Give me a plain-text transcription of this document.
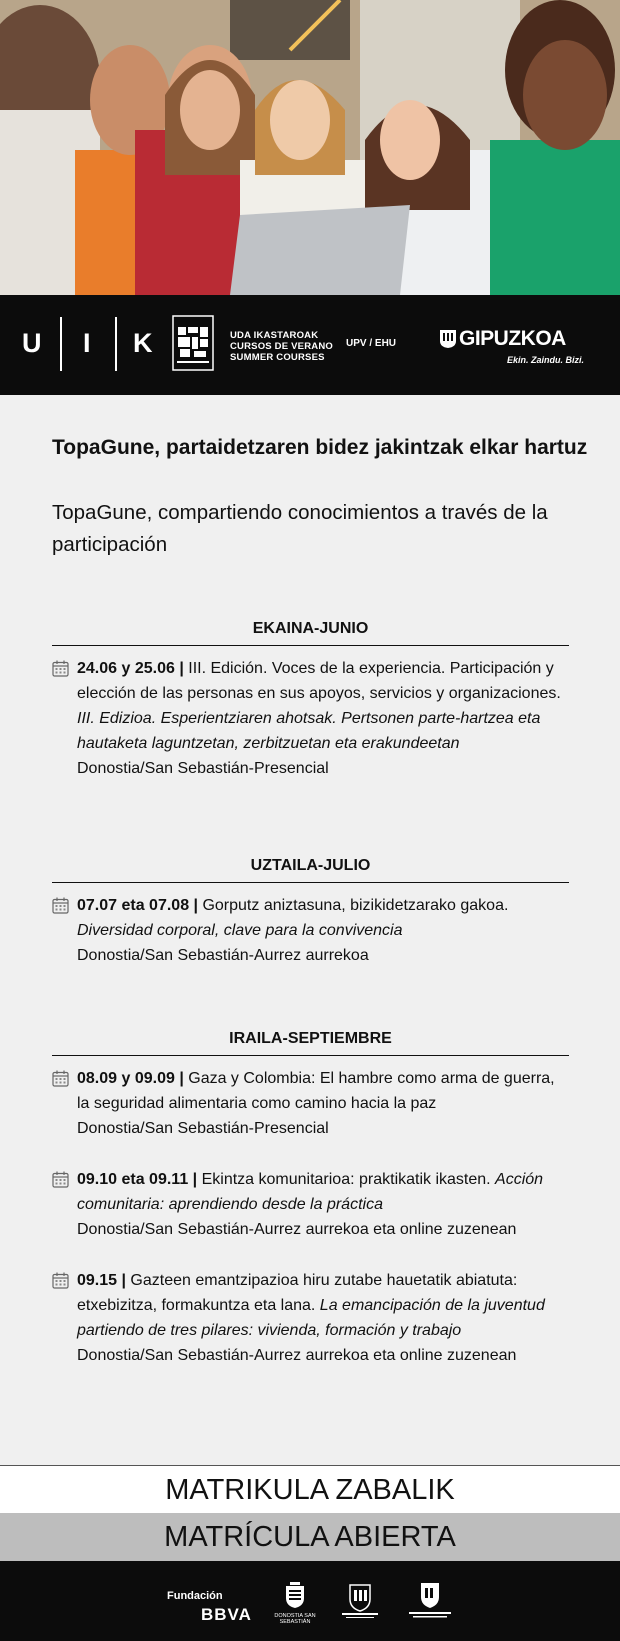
U I K	UDA IKASTAROAK
CURSOS DE VERANO
SUMMER COURSES
UPV / EHU	GIPUZKOA
Ekin. Zaindu. Bizi.
TopaGune, partaidetzaren bidez jakintzak elkar hartuz
TopaGune, compartiendo conocimientos a través de la participación
EKAINA-JUNIO
24.06 y 25.06 | III. Edición. Voces de la experiencia. Participación y elección de las personas en sus apoyos, servicios y organizaciones. III. Edizioa. Esperientziaren ahotsak. Pertsonen parte-hartzea eta hautaketa laguntzetan, zerbitzuetan eta erakundeetan
Donostia/San Sebastián-Presencial
UZTAILA-JULIO
07.07 eta 07.08 | Gorputz aniztasuna, bizikidetzarako gakoa. Diversidad corporal, clave para la convivencia
Donostia/San Sebastián-Aurrez aurrekoa
IRAILA-SEPTIEMBRE
08.09 y 09.09 | Gaza y Colombia: El hambre como arma de guerra, la seguridad alimentaria como camino hacia la paz
Donostia/San Sebastián-Presencial
09.10 eta 09.11 | Ekintza komunitarioa: praktikatik ikasten. Acción comunitaria: aprendiendo desde la práctica
Donostia/San Sebastián-Aurrez aurrekoa eta online zuzenean
09.15 | Gazteen emantzipazioa hiru zutabe hauetatik abiatuta: etxebizitza, formakuntza eta lana. La emancipación de la juventud partiendo de tres pilares: vivienda, formación y trabajo
Donostia/San Sebastián-Aurrez aurrekoa eta online zuzenean
MATRIKULA ZABALIK
MATRÍCULA ABIERTA
Fundación
BBVA	DONOSTIA SAN SEBASTIÁN
